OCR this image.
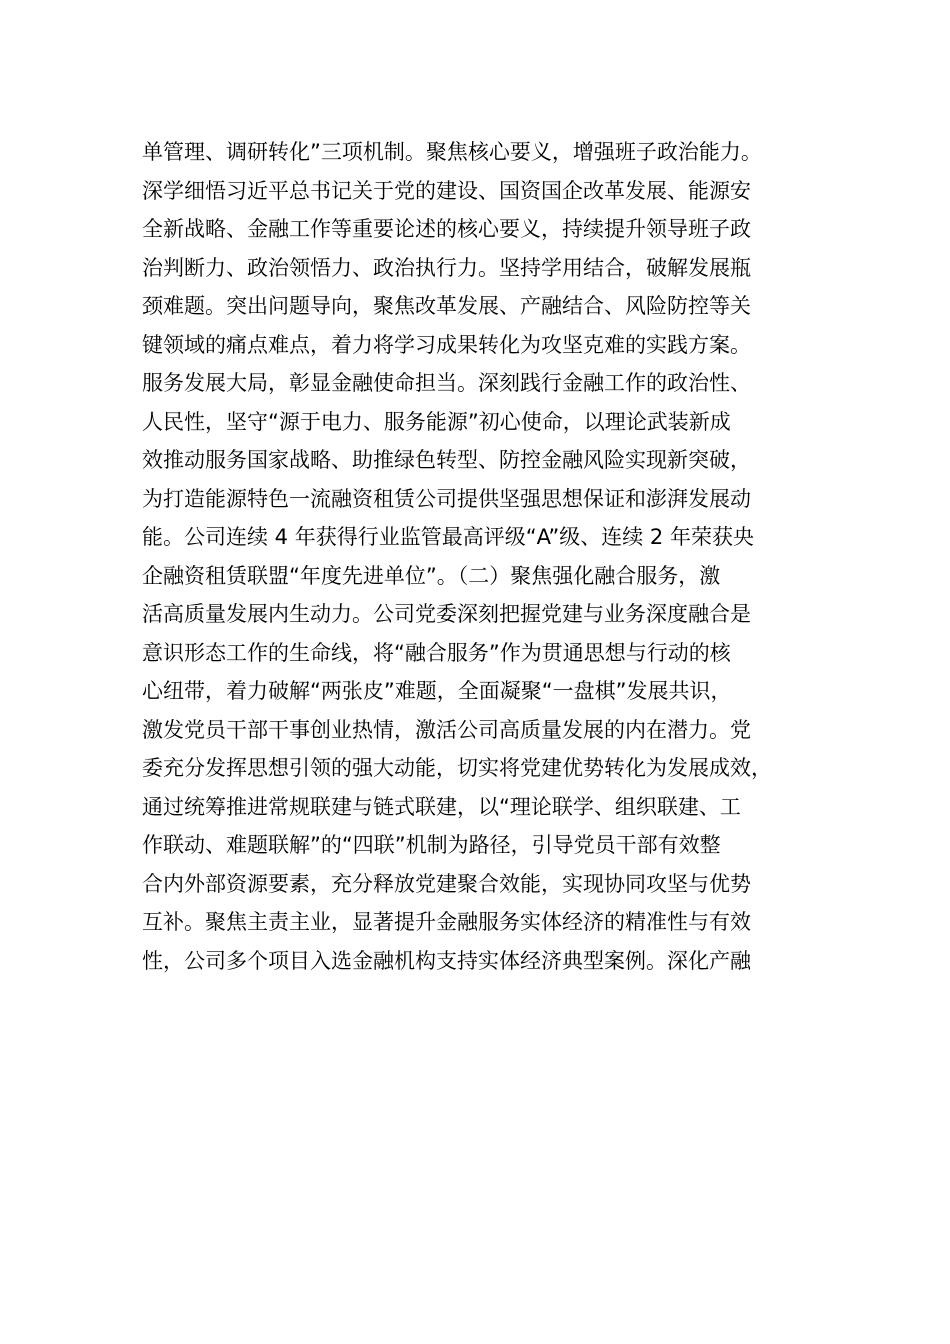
单管理、调研转化”三项机制。聚焦核心要义，增强班子政治能力。
深学细悟习近平总书记关于党的建设、国资国企改革发展、能源安
全新战略、金融工作等重要论述的核心要义，持续提升领导班子政
治判断力、政治领悟力、政治执行力。坚持学用结合，破解发展瓶
颈难题。突出问题导向，聚焦改革发展、产融结合、风险防控等关
键领域的痛点难点，着力将学习成果转化为攻坚克难的实践方案。
服务发展大局，彰显金融使命担当。深刻践行金融工作的政治性、
人民性，坚守“源于电力、服务能源”初心使命，以理论武装新成
效推动服务国家战略、助推绿色转型、防控金融风险实现新突破，
为打造能源特色一流融资租赁公司提供坚强思想保证和澎湃发展动
能。公司连续 4 年获得行业监管最高评级“A”级、连续 2 年荣获央
企融资租赁联盟“年度先进单位”。（二）聚焦强化融合服务，激
活高质量发展内生动力。公司党委深刻把握党建与业务深度融合是
意识形态工作的生命线，将“融合服务”作为贯通思想与行动的核
心纽带，着力破解“两张皮”难题，全面凝聚“一盘棋”发展共识，
激发党员干部干事创业热情，激活公司高质量发展的内在潜力。党
委充分发挥思想引领的强大动能，切实将党建优势转化为发展成效，
通过统筹推进常规联建与链式联建，以“理论联学、组织联建、工
作联动、难题联解”的“四联”机制为路径，引导党员干部有效整
合内外部资源要素，充分释放党建聚合效能，实现协同攻坚与优势
互补。聚焦主责主业，显著提升金融服务实体经济的精准性与有效
性，公司多个项目入选金融机构支持实体经济典型案例。深化产融
